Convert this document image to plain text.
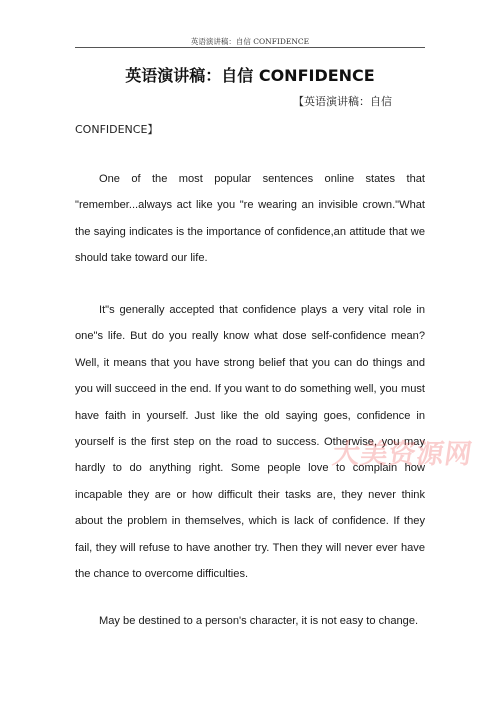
英语演讲稿：自信 CONFIDENCE
英语演讲稿：自信 CONFIDENCE
【英语演讲稿：自信
CONFIDENCE】

One of the most popular sentences online states that "remember...always act like you "re wearing an invisible crown."What the saying indicates is the importance of confidence,an attitude that we should take toward our life.

It"s generally accepted that confidence plays a very vital role in one"s life. But do you really know what dose self-confidence mean? Well, it means that you have strong belief that you can do things and you will succeed in the end. If you want to do something well, you must have faith in yourself. Just like the old saying goes, confidence in yourself is the first step on the road to success. Otherwise, you may hardly to do anything right. Some people love to complain how incapable they are or how difficult their tasks are, they never think about the problem in themselves, which is lack of confidence. If they fail, they will refuse to have another try. Then they will never ever have the chance to overcome difficulties.

May be destined to a person's character, it is not easy to change.

大美资源网
